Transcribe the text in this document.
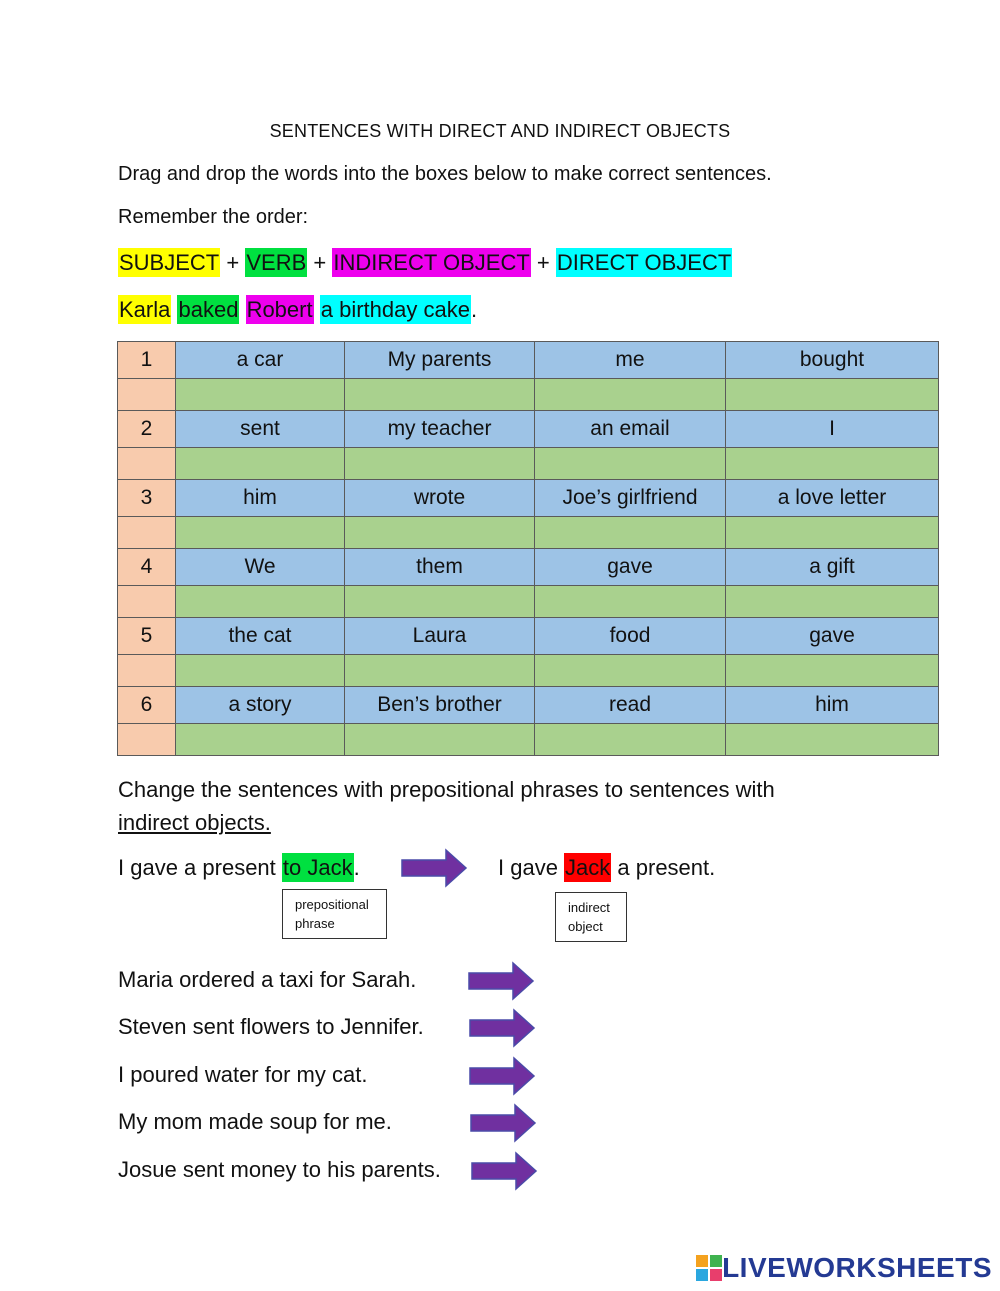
SENTENCES WITH DIRECT AND INDIRECT OBJECTS
Drag and drop the words into the boxes below to make correct sentences.
Remember the order:
SUBJECT + VERB + INDIRECT OBJECT + DIRECT OBJECT
Karla baked Robert a birthday cake.
1	a car	My parents	me	bought

2	sent	my teacher	an email	I

3	him	wrote	Joe’s girlfriend	a love letter

4	We	them	gave	a gift

5	the cat	Laura	food	gave

6	a story	Ben’s brother	read	him

Change the sentences with prepositional phrases to sentences with
indirect objects.
I gave a present to Jack.	I gave Jack a present.
prepositional
phrase
indirect
object
Maria ordered a taxi for Sarah.
Steven sent flowers to Jennifer.
I poured water for my cat.
My mom made soup for me.
Josue sent money to his parents.
LIVEWORKSHEETS
